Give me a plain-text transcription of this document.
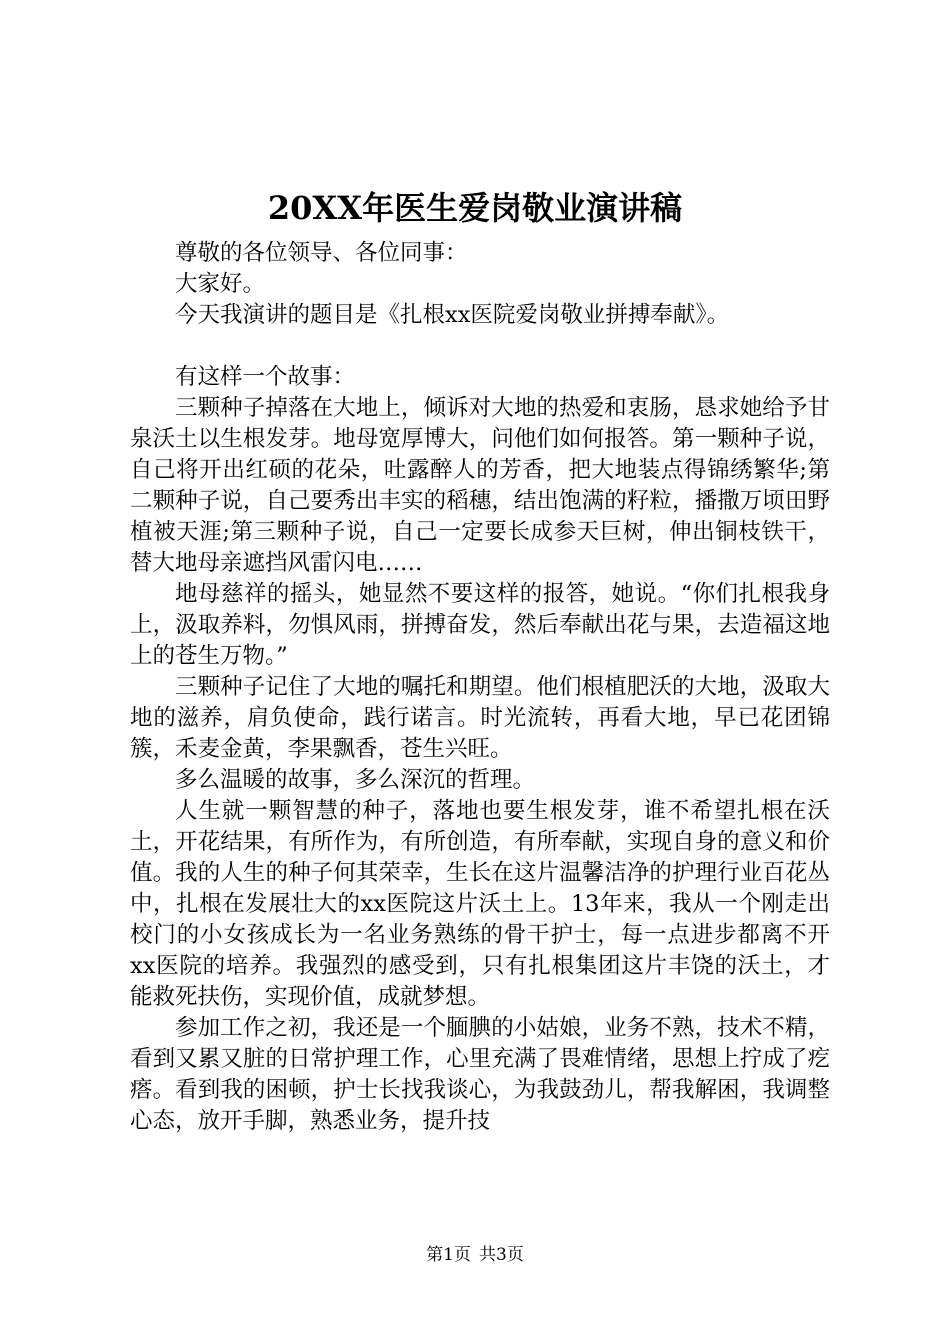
20XX年医生爱岗敬业演讲稿

尊敬的各位领导、各位同事：

大家好。

今天我演讲的题目是《扎根xx医院爱岗敬业拼搏奉献》。

有这样一个故事：

三颗种子掉落在大地上，倾诉对大地的热爱和衷肠，恳求她给予甘泉沃土以生根发芽。地母宽厚博大，问他们如何报答。第一颗种子说，自己将开出红硕的花朵，吐露醉人的芳香，把大地装点得锦绣繁华;第二颗种子说，自己要秀出丰实的稻穗，结出饱满的籽粒，播撒万顷田野植被天涯;第三颗种子说，自己一定要长成参天巨树，伸出铜枝铁干，替大地母亲遮挡风雷闪电……

地母慈祥的摇头，她显然不要这样的报答，她说。“你们扎根我身上，汲取养料，勿惧风雨，拼搏奋发，然后奉献出花与果，去造福这地上的苍生万物。”

三颗种子记住了大地的嘱托和期望。他们根植肥沃的大地，汲取大地的滋养，肩负使命，践行诺言。时光流转，再看大地，早已花团锦簇，禾麦金黄，李果飘香，苍生兴旺。

多么温暖的故事，多么深沉的哲理。

人生就一颗智慧的种子，落地也要生根发芽，谁不希望扎根在沃土，开花结果，有所作为，有所创造，有所奉献，实现自身的意义和价值。我的人生的种子何其荣幸，生长在这片温馨洁净的护理行业百花丛中，扎根在发展壮大的xx医院这片沃土上。13年来，我从一个刚走出校门的小女孩成长为一名业务熟练的骨干护士，每一点进步都离不开xx医院的培养。我强烈的感受到，只有扎根集团这片丰饶的沃土，才能救死扶伤，实现价值，成就梦想。

参加工作之初，我还是一个腼腆的小姑娘，业务不熟，技术不精，看到又累又脏的日常护理工作，心里充满了畏难情绪，思想上拧成了疙瘩。看到我的困顿，护士长找我谈心，为我鼓劲儿，帮我解困，我调整心态，放开手脚，熟悉业务，提升技

第1页 共3页
